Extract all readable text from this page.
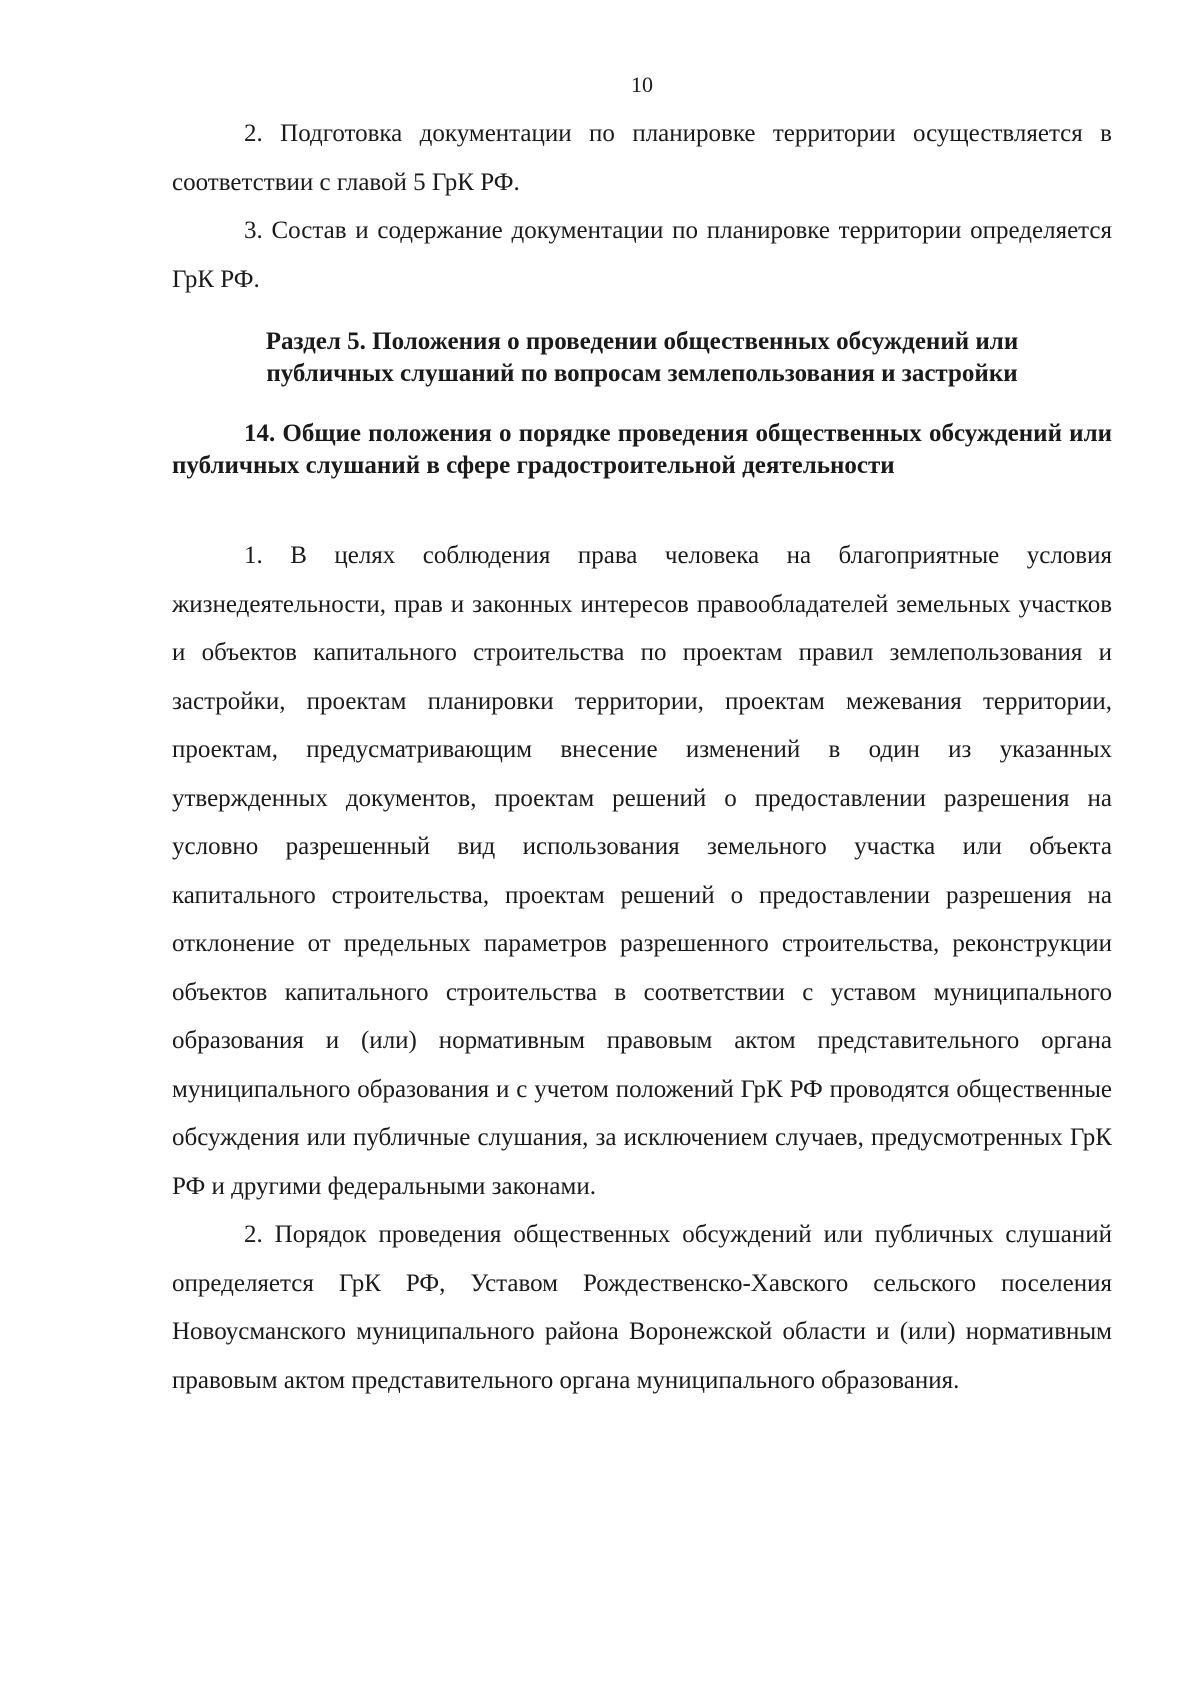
10

2. Подготовка документации по планировке территории осуществляется в соответствии с главой 5 ГрК РФ.

3. Состав и содержание документации по планировке территории определяется ГрК РФ.

Раздел 5. Положения о проведении общественных обсуждений или публичных слушаний по вопросам землепользования и застройки

14. Общие положения о порядке проведения общественных обсуждений или публичных слушаний в сфере градостроительной деятельности

1. В целях соблюдения права человека на благоприятные условия жизнедеятельности, прав и законных интересов правообладателей земельных участков и объектов капитального строительства по проектам правил землепользования и застройки, проектам планировки территории, проектам межевания территории, проектам, предусматривающим внесение изменений в один из указанных утвержденных документов, проектам решений о предоставлении разрешения на условно разрешенный вид использования земельного участка или объекта капитального строительства, проектам решений о предоставлении разрешения на отклонение от предельных параметров разрешенного строительства, реконструкции объектов капитального строительства в соответствии с уставом муниципального образования и (или) нормативным правовым актом представительного органа муниципального образования и с учетом положений ГрК РФ проводятся общественные обсуждения или публичные слушания, за исключением случаев, предусмотренных ГрК РФ и другими федеральными законами.

2. Порядок проведения общественных обсуждений или публичных слушаний определяется ГрК РФ, Уставом Рождественско-Хавского сельского поселения Новоусманского муниципального района Воронежской области и (или) нормативным правовым актом представительного органа муниципального образования.
